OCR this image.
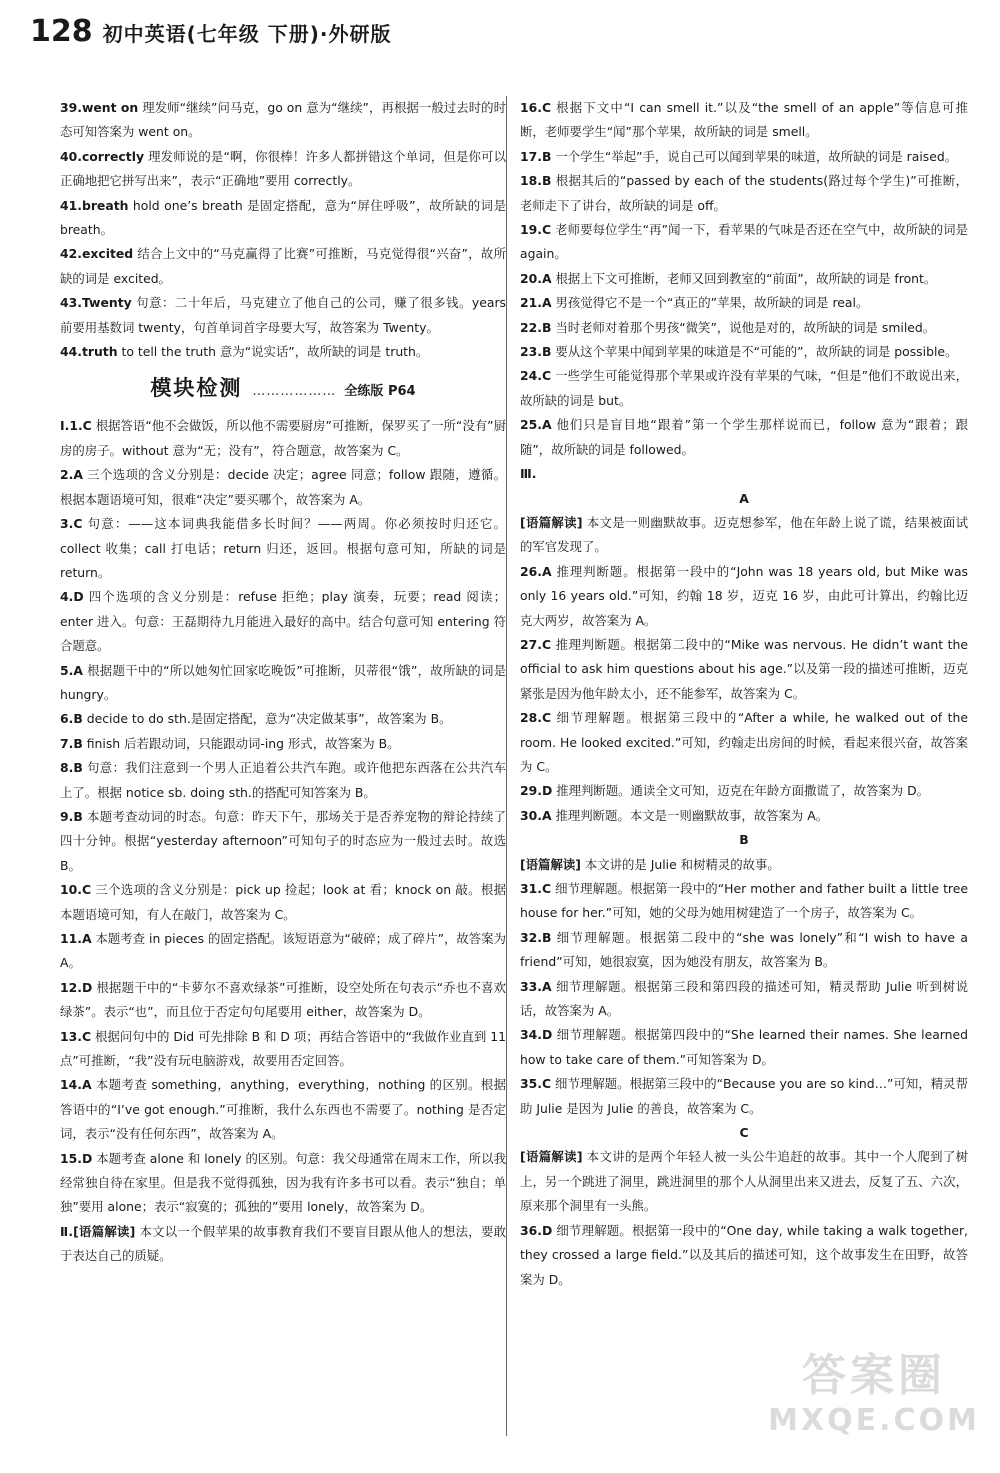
128 初中英语(七年级 下册)·外研版

39.went on 理发师“继续”问马克，go on 意为“继续”，再根据一般过去时的时态可知答案为 went on。

40.correctly 理发师说的是“啊，你很棒！许多人都拼错这个单词，但是你可以正确地把它拼写出来”，表示“正确地”要用 correctly。

41.breath hold one’s breath 是固定搭配，意为“屏住呼吸”，故所缺的词是 breath。

42.excited 结合上文中的“马克赢得了比赛”可推断，马克觉得很“兴奋”，故所缺的词是 excited。

43.Twenty 句意：二十年后，马克建立了他自己的公司，赚了很多钱。years 前要用基数词 twenty，句首单词首字母要大写，故答案为 Twenty。

44.truth to tell the truth 意为“说实话”，故所缺的词是 truth。

模块检测 ……………… 全练版 P64

Ⅰ.1.C 根据答语“他不会做饭，所以他不需要厨房”可推断，保罗买了一所“没有”厨房的房子。without 意为“无；没有”，符合题意，故答案为 C。

2.A 三个选项的含义分别是：decide 决定；agree 同意；follow 跟随，遵循。根据本题语境可知，很难“决定”要买哪个，故答案为 A。

3.C 句意：——这本词典我能借多长时间？——两周。你必须按时归还它。collect 收集；call 打电话；return 归还，返回。根据句意可知，所缺的词是 return。

4.D 四个选项的含义分别是：refuse 拒绝；play 演奏，玩要；read 阅读；enter 进入。句意：王磊期待九月能进入最好的高中。结合句意可知 entering 符合题意。

5.A 根据题干中的“所以她匆忙回家吃晚饭”可推断，贝蒂很“饿”，故所缺的词是 hungry。

6.B decide to do sth.是固定搭配，意为“决定做某事”，故答案为 B。

7.B finish 后若跟动词，只能跟动词-ing 形式，故答案为 B。

8.B 句意：我们注意到一个男人正追着公共汽车跑。或许他把东西落在公共汽车上了。根据 notice sb. doing sth.的搭配可知答案为 B。

9.B 本题考查动词的时态。句意：昨天下午，那场关于是否养宠物的辩论持续了四十分钟。根据“yesterday afternoon”可知句子的时态应为一般过去时。故选 B。

10.C 三个选项的含义分别是：pick up 捡起；look at 看；knock on 敲。根据本题语境可知，有人在敲门，故答案为 C。

11.A 本题考查 in pieces 的固定搭配。该短语意为“破碎；成了碎片”，故答案为 A。

12.D 根据题干中的“卡萝尔不喜欢绿茶”可推断，设空处所在句表示“乔也不喜欢绿茶”。表示“也”，而且位于否定句句尾要用 either，故答案为 D。

13.C 根据问句中的 Did 可先排除 B 和 D 项；再结合答语中的“我做作业直到 11 点”可推断，“我”没有玩电脑游戏，故要用否定回答。

14.A 本题考查 something，anything，everything，nothing 的区别。根据答语中的“I’ve got enough.”可推断，我什么东西也不需要了。nothing 是否定词，表示“没有任何东西”，故答案为 A。

15.D 本题考查 alone 和 lonely 的区别。句意：我父母通常在周末工作，所以我经常独自待在家里。但是我不觉得孤独，因为我有许多书可以看。表示“独自；单独”要用 alone；表示“寂寞的；孤独的”要用 lonely，故答案为 D。

Ⅱ.[语篇解读] 本文以一个假苹果的故事教育我们不要盲目跟从他人的想法，要敢于表达自己的质疑。

16.C 根据下文中“I can smell it.”以及“the smell of an apple”等信息可推断，老师要学生“闻”那个苹果，故所缺的词是 smell。

17.B 一个学生“举起”手，说自己可以闻到苹果的味道，故所缺的词是 raised。

18.B 根据其后的“passed by each of the students(路过每个学生)”可推断，老师走下了讲台，故所缺的词是 off。

19.C 老师要每位学生“再”闻一下，看苹果的气味是否还在空气中，故所缺的词是 again。

20.A 根据上下文可推断，老师又回到教室的“前面”，故所缺的词是 front。

21.A 男孩觉得它不是一个“真正的”苹果，故所缺的词是 real。

22.B 当时老师对着那个男孩“微笑”，说他是对的，故所缺的词是 smiled。

23.B 要从这个苹果中闻到苹果的味道是不“可能的”，故所缺的词是 possible。

24.C 一些学生可能觉得那个苹果或许没有苹果的气味，“但是”他们不敢说出来，故所缺的词是 but。

25.A 他们只是盲目地“跟着”第一个学生那样说而已，follow 意为“跟着；跟随”，故所缺的词是 followed。

Ⅲ.

A

[语篇解读] 本文是一则幽默故事。迈克想参军，他在年龄上说了谎，结果被面试的军官发现了。

26.A 推理判断题。根据第一段中的“John was 18 years old, but Mike was only 16 years old.”可知，约翰 18 岁，迈克 16 岁，由此可计算出，约翰比迈克大两岁，故答案为 A。

27.C 推理判断题。根据第二段中的“Mike was nervous. He didn’t want the official to ask him questions about his age.”以及第一段的描述可推断，迈克紧张是因为他年龄太小，还不能参军，故答案为 C。

28.C 细节理解题。根据第三段中的“After a while, he walked out of the room. He looked excited.”可知，约翰走出房间的时候，看起来很兴奋，故答案为 C。

29.D 推理判断题。通读全文可知，迈克在年龄方面撒谎了，故答案为 D。

30.A 推理判断题。本文是一则幽默故事，故答案为 A。

B

[语篇解读] 本文讲的是 Julie 和树精灵的故事。

31.C 细节理解题。根据第一段中的“Her mother and father built a little tree house for her.”可知，她的父母为她用树建造了一个房子，故答案为 C。

32.B 细节理解题。根据第二段中的“she was lonely”和“I wish to have a friend”可知，她很寂寞，因为她没有朋友，故答案为 B。

33.A 细节理解题。根据第三段和第四段的描述可知，精灵帮助 Julie 听到树说话，故答案为 A。

34.D 细节理解题。根据第四段中的“She learned their names. She learned how to take care of them.”可知答案为 D。

35.C 细节理解题。根据第三段中的“Because you are so kind…”可知，精灵帮助 Julie 是因为 Julie 的善良，故答案为 C。

C

[语篇解读] 本文讲的是两个年轻人被一头公牛追赶的故事。其中一个人爬到了树上，另一个跳进了洞里，跳进洞里的那个人从洞里出来又进去，反复了五、六次，原来那个洞里有一头熊。

36.D 细节理解题。根据第一段中的“One day, while taking a walk together, they crossed a large field.”以及其后的描述可知，这个故事发生在田野，故答案为 D。

答案圈
MXQE.COM
